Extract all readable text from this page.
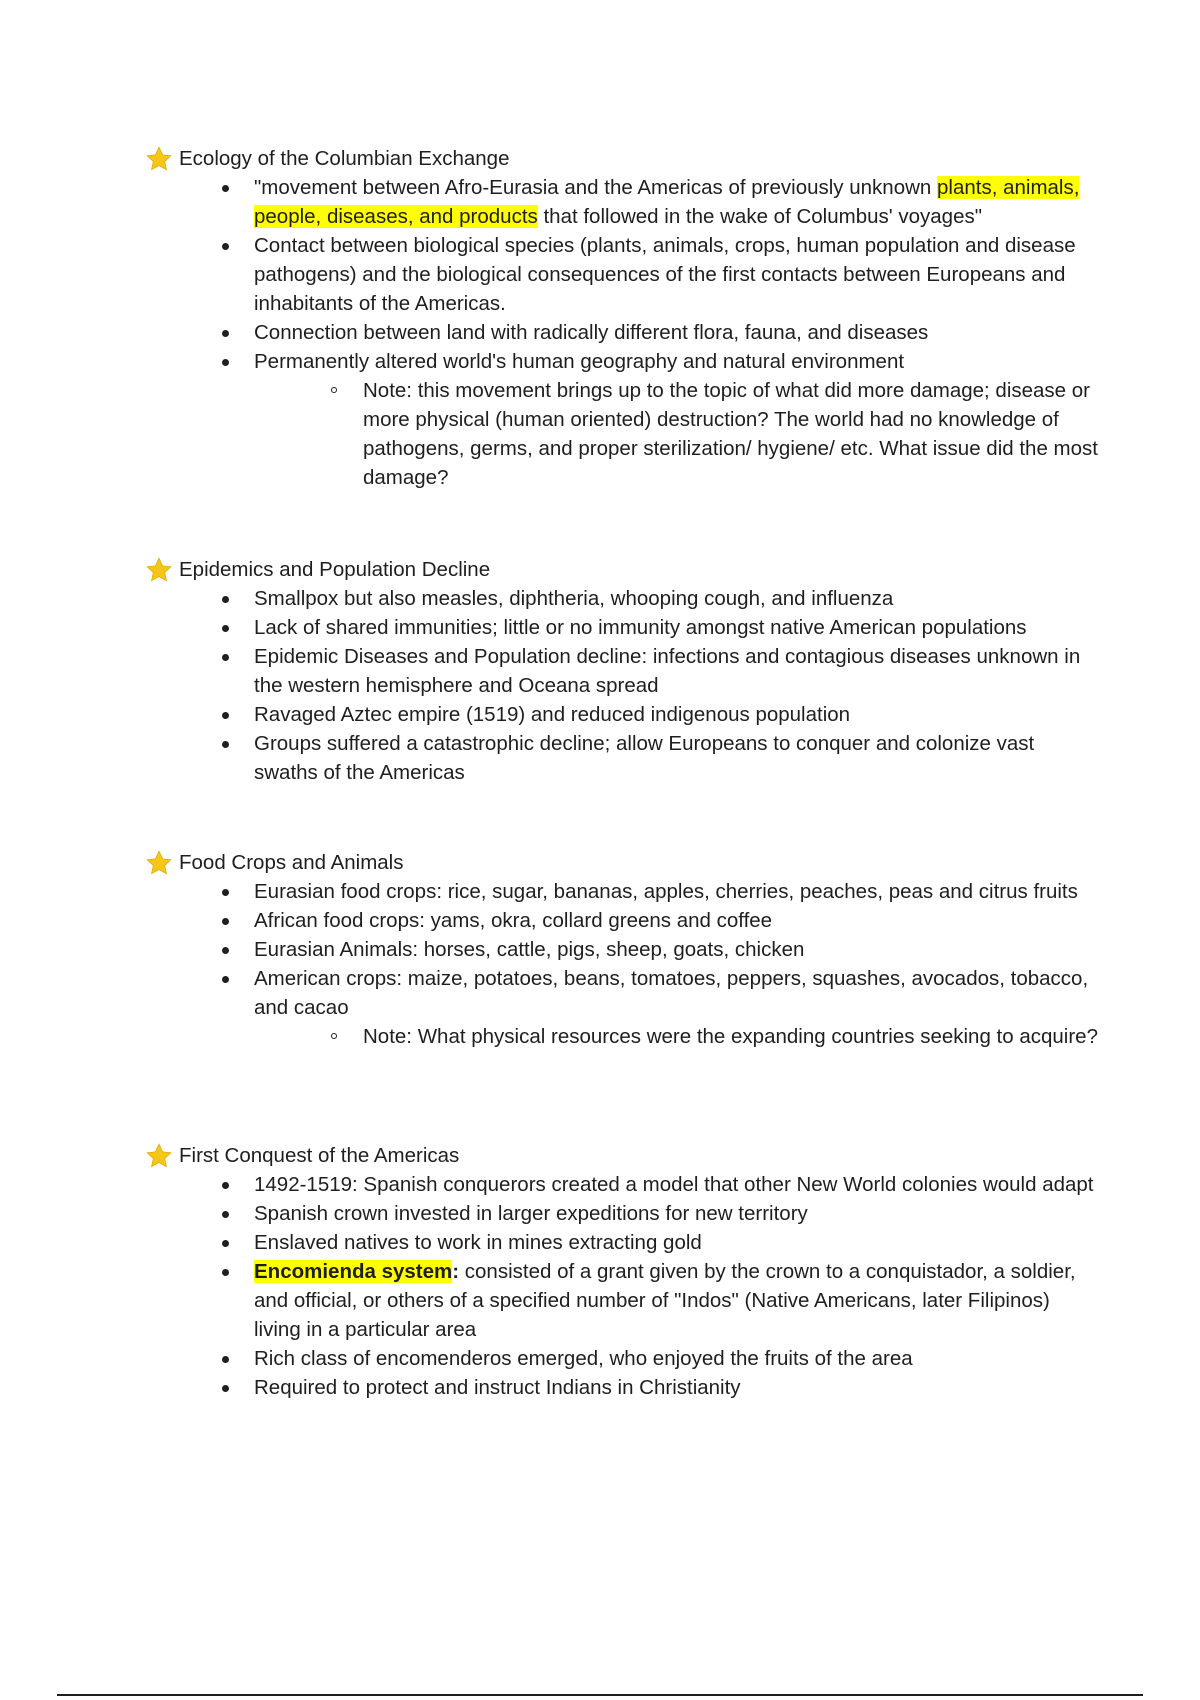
Ecology of the Columbian Exchange
"movement between Afro-Eurasia and the Americas of previously unknown plants, animals, people, diseases, and products that followed in the wake of Columbus' voyages"
Contact between biological species (plants, animals, crops, human population and disease pathogens) and the biological consequences of the first contacts between Europeans and inhabitants of the Americas.
Connection between land with radically different flora, fauna, and diseases
Permanently altered world's human geography and natural environment
Note: this movement brings up to the topic of what did more damage; disease or more physical (human oriented) destruction? The world had no knowledge of pathogens, germs, and proper sterilization/ hygiene/ etc. What issue did the most damage?
Epidemics and Population Decline
Smallpox but also measles, diphtheria, whooping cough, and influenza
Lack of shared immunities; little or no immunity amongst native American populations
Epidemic Diseases and Population decline: infections and contagious diseases unknown in the western hemisphere and Oceana spread
Ravaged Aztec empire (1519) and reduced indigenous population
Groups suffered a catastrophic decline; allow Europeans to conquer and colonize vast swaths of the Americas
Food Crops and Animals
Eurasian food crops: rice, sugar, bananas, apples, cherries, peaches, peas and citrus fruits
African food crops: yams, okra, collard greens and coffee
Eurasian Animals: horses, cattle, pigs, sheep, goats, chicken
American crops: maize, potatoes, beans, tomatoes, peppers, squashes, avocados, tobacco, and cacao
Note: What physical resources were the expanding countries seeking to acquire?
First Conquest of the Americas
1492-1519: Spanish conquerors created a model that other New World colonies would adapt
Spanish crown invested in larger expeditions for new territory
Enslaved natives to work in mines extracting gold
Encomienda system: consisted of a grant given by the crown to a conquistador, a soldier, and official, or others of a specified number of "Indos" (Native Americans, later Filipinos) living in a particular area
Rich class of encomenderos emerged, who enjoyed the fruits of the area
Required to protect and instruct Indians in Christianity
